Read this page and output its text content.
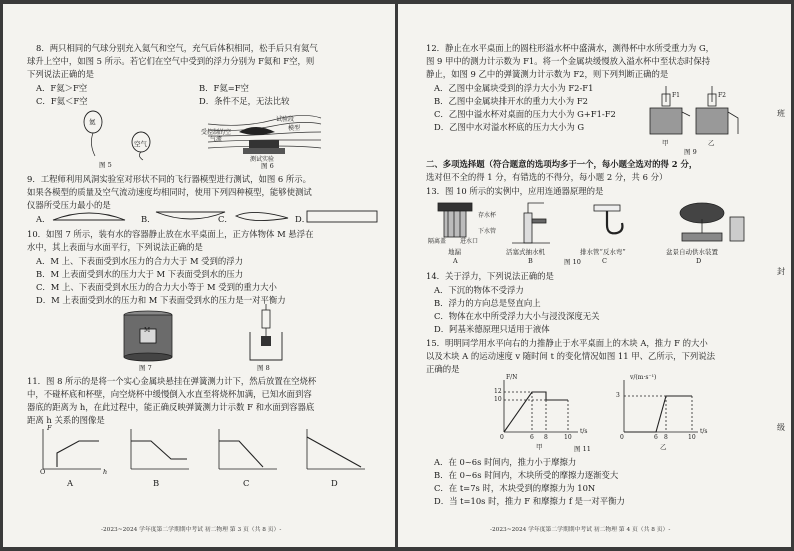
8．两只相同的气球分别充入氦气和空气，充气后体积相同，松手后只有氦气
球升上空中，如图 5 所示。若它们在空气中受到的浮力分别为 F氦和 F空，则
下列说法正确的是
A．F氦＞F空	B．F氦=F空
C．F氦＜F空	D．条件不足，无法比较
氦
空气
图 5
试验段
模型
受控制的空气流
测试实验
图 6
9．工程师利用风洞实验室对形状不同的飞行器模型进行测试，如图 6 所示。
如果各模型的质量及空气流动速度均相同时，使用下列四种模型，能够使测试
仪器所受压力最小的是
A．	B．	C．	D．
10．如图 7 所示，装有水的容器静止放在水平桌面上，正方体物体 M 悬浮在
水中，其上表面与水面平行，下列说法正确的是
A．M 上、下表面受到水压力的合力大于 M 受到的浮力
B．M 上表面受到水的压力大于 M 下表面受到水的压力
C．M 上、下表面受到水压力的合力大小等于 M 受到的重力大小
D．M 上表面受到水的压力和 M 下表面受到水的压力是一对平衡力
M
图 7	图 8
11．图 8 所示的是将一个实心金属块悬挂在弹簧测力计下，然后放置在空烧杯
中，不碰杯底和杯壁，向空烧杯中缓慢倒入水直至将烧杯加满，已知水面到容
器底的距离为 h，在此过程中，能正确反映弹簧测力计示数 F 和水面到容器底
距离 h 关系的图像是
F
h
O
A	B	C	D
-2023~2024 学年度第二学期期中考试 初二物理 第 3 页（共 8 页）-
12．静止在水平桌面上的圆柱形溢水杯中盛满水，测得杯中水所受重力为 G，
图 9 甲中的测力计示数为 F1。将一个金属块缓慢放入溢水杯中至状态时保持
静止，如图 9 乙中的弹簧测力计示数为 F2，则下列判断正确的是
A．乙图中金属块受到的浮力大小为 F2-F1
B．乙图中金属块排开水的重力大小为 F2
C．乙图中溢水杯对桌面的压力大小为 G+F1-F2
D．乙图中水对溢水杯底的压力大小为 G
F1	F2
甲	乙
图 9
二、多项选择题（符合题意的选项均多于一个，每小题全选对的得 2 分，
选对但不全的得 1 分，有错选的不得分，每小题 2 分，共 6 分）
13．图 10 所示的实例中，应用连通器原理的是
存水杯
隔离盖 进水口
下水管
地漏	活塞式抽水机	排水管“反水弯”	盆景自动供水装置
A	B	C	D
图 10
14．关于浮力，下列说法正确的是
A．下沉的物体不受浮力
B．浮力的方向总是竖直向上
C．物体在水中所受浮力大小与浸没深度无关
D．阿基米德原理只适用于液体
15．明明同学用水平向右的力推静止于水平桌面上的木块 A，推力 F 的大小
以及木块 A 的运动速度 v 随时间 t 的变化情况如图 11 甲、乙所示，下列说法
正确的是
F/N
t/s
12
10
0	6 8	10
甲
v/(m·s⁻¹)
t/s
3
0	6 8	10
乙
图 11
A．在 0~6s 时间内，推力小于摩擦力
B．在 0~6s 时间内，木块所受的摩擦力逐渐变大
C．在 t=7s 时，木块受到的摩擦力为 10N
D．当 t=10s 时，推力 F 和摩擦力 f 是一对平衡力
班
封
级
-2023~2024 学年度第二学期期中考试 初二物理 第 4 页（共 8 页）-
